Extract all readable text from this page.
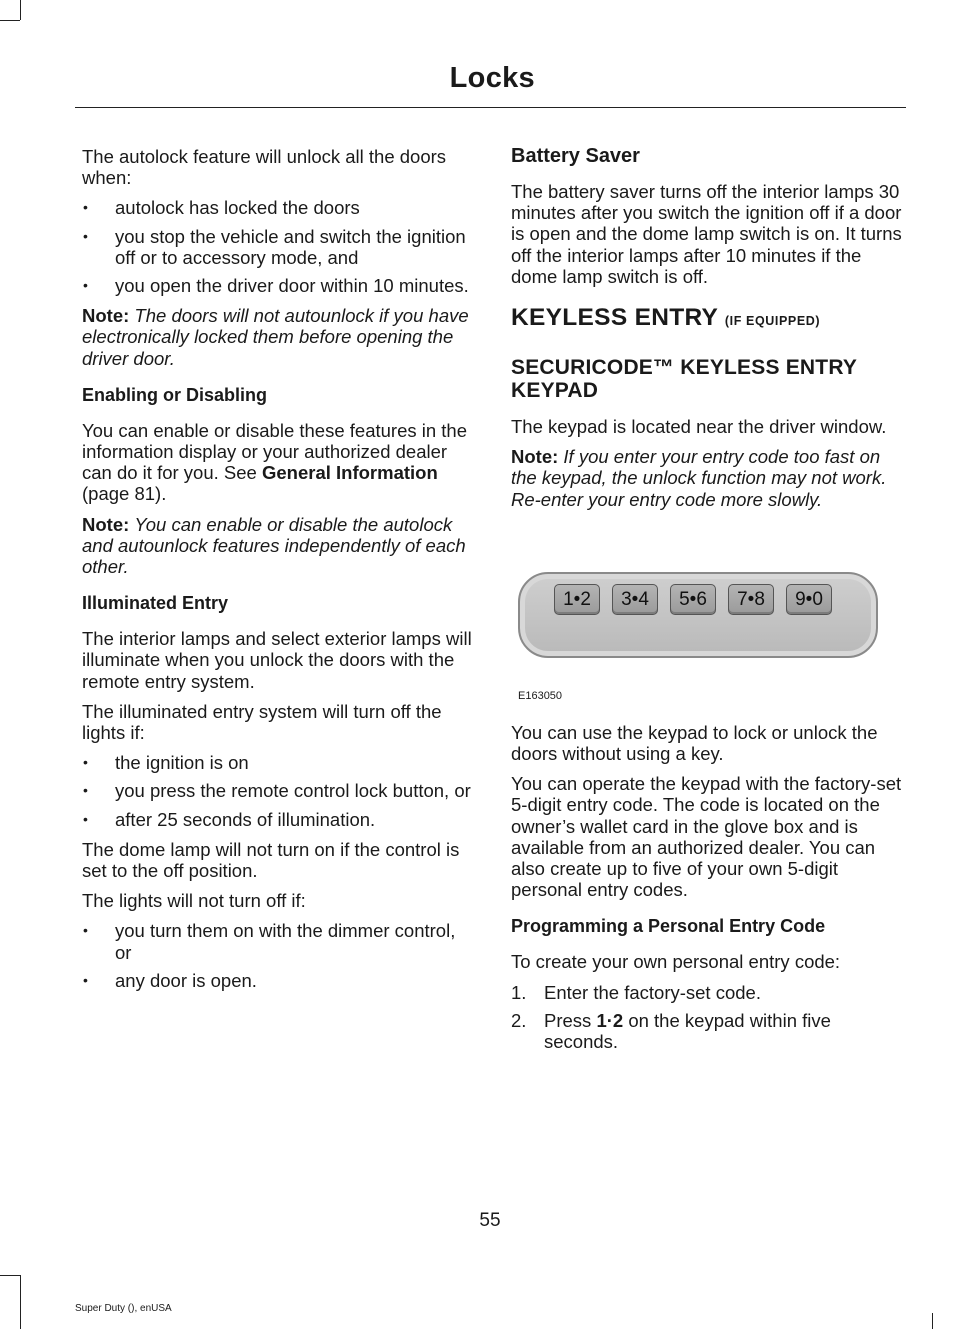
Locks

The autolock feature will unlock all the doors when:

• autolock has locked the doors
• you stop the vehicle and switch the ignition off or to accessory mode, and
• you open the driver door within 10 minutes.

Note: The doors will not autounlock if you have electronically locked them before opening the driver door.

Enabling or Disabling

You can enable or disable these features in the information display or your authorized dealer can do it for you. See General Information (page 81).

Note: You can enable or disable the autolock and autounlock features independently of each other.

Illuminated Entry

The interior lamps and select exterior lamps will illuminate when you unlock the doors with the remote entry system.

The illuminated entry system will turn off the lights if:

• the ignition is on
• you press the remote control lock button, or
• after 25 seconds of illumination.

The dome lamp will not turn on if the control is set to the off position.

The lights will not turn off if:

• you turn them on with the dimmer control, or
• any door is open.
Battery Saver

The battery saver turns off the interior lamps 30 minutes after you switch the ignition off if a door is open and the dome lamp switch is on. It turns off the interior lamps after 10 minutes if the dome lamp switch is off.

KEYLESS ENTRY (IF EQUIPPED)
SECURICODE™ KEYLESS ENTRY KEYPAD

The keypad is located near the driver window.

Note: If you enter your entry code too fast on the keypad, the unlock function may not work. Re-enter your entry code more slowly.

1•2	3•4	5•6	7•8	9•0
E163050

You can use the keypad to lock or unlock the doors without using a key.

You can operate the keypad with the factory-set 5-digit entry code. The code is located on the owner’s wallet card in the glove box and is available from an authorized dealer. You can also create up to five of your own 5-digit personal entry codes.

Programming a Personal Entry Code

To create your own personal entry code:

1. Enter the factory-set code.
2. Press 1·2 on the keypad within five seconds.
55
Super Duty (), enUSA
